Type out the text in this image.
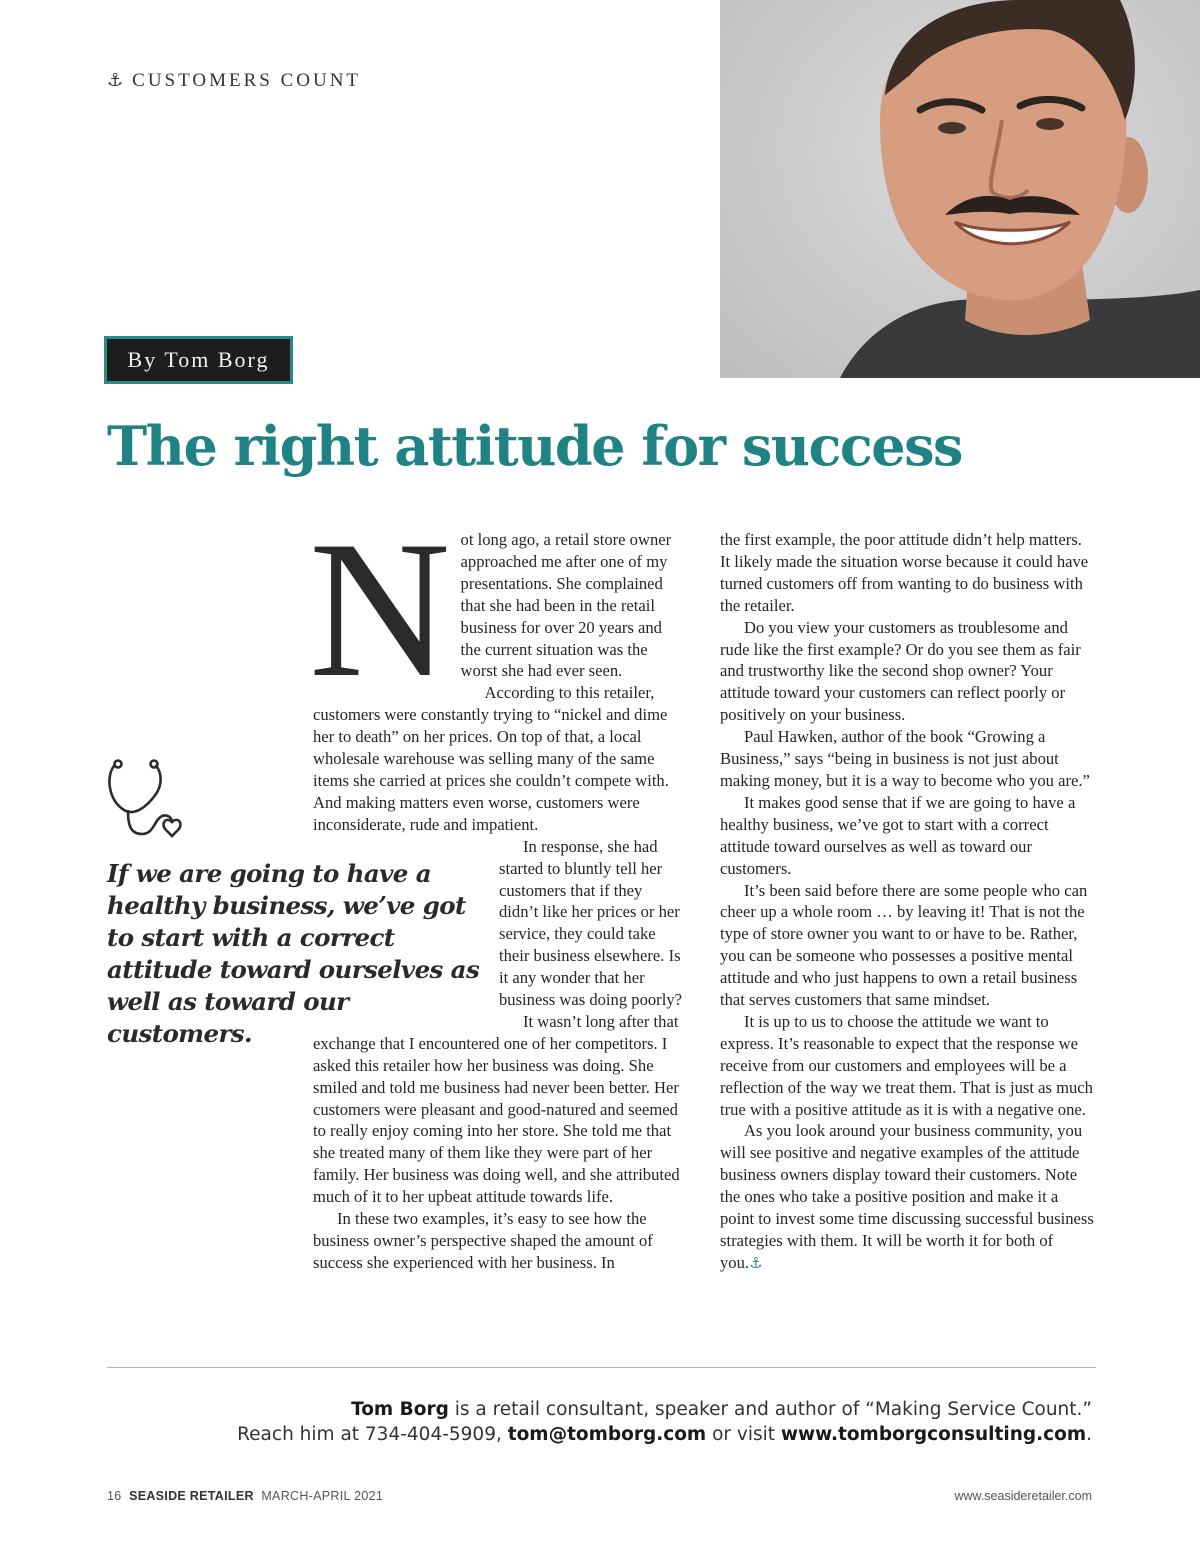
⚓ CUSTOMERS COUNT
By Tom Borg
The right attitude for success
If we are going to have a healthy business, we’ve got to start with a correct attitude toward ourselves as well as toward our customers.
N ot long ago, a retail store owner approached me after one of my presentations. She complained that she had been in the retail business for over 20 years and the current situation was the worst she had ever seen.

According to this retailer, customers were constantly trying to “nickel and dime her to death” on her prices. On top of that, a local wholesale warehouse was selling many of the same items she carried at prices she couldn’t compete with. And making matters even worse, customers were inconsiderate, rude and impatient.

In response, she had started to bluntly tell her customers that if they didn’t like her prices or her service, they could take their business elsewhere. Is it any wonder that her business was doing poorly?

It wasn’t long after that exchange that I encountered one of her competitors. I asked this retailer how her business was doing. She smiled and told me business had never been better. Her customers were pleasant and good-natured and seemed to really enjoy coming into her store. She told me that she treated many of them like they were part of her family. Her business was doing well, and she attributed much of it to her upbeat attitude towards life.

In these two examples, it’s easy to see how the business owner’s perspective shaped the amount of success she experienced with her business. In

the first example, the poor attitude didn’t help matters. It likely made the situation worse because it could have turned customers off from wanting to do business with the retailer.

Do you view your customers as troublesome and rude like the first example? Or do you see them as fair and trustworthy like the second shop owner? Your attitude toward your customers can reflect poorly or positively on your business.

Paul Hawken, author of the book “Growing a Business,” says “being in business is not just about making money, but it is a way to become who you are.”

It makes good sense that if we are going to have a healthy business, we’ve got to start with a correct attitude toward ourselves as well as toward our customers.

It’s been said before there are some people who can cheer up a whole room … by leaving it! That is not the type of store owner you want to or have to be. Rather, you can be someone who possesses a positive mental attitude and who just happens to own a retail business that serves customers that same mindset.

It is up to us to choose the attitude we want to express. It’s reasonable to expect that the response we receive from our customers and employees will be a reflection of the way we treat them. That is just as much true with a positive attitude as it is with a negative one.

As you look around your business community, you will see positive and negative examples of the attitude business owners display toward their customers. Note the ones who take a positive position and make it a point to invest some time discussing successful business strategies with them. It will be worth it for both of you.⚓

Tom Borg is a retail consultant, speaker and author of “Making Service Count.”
Reach him at 734-404-5909, tom@tomborg.com or visit www.tomborgconsulting.com.
16 SEASIDE RETAILER MARCH-APRIL 2021	www.seasideretailer.com
